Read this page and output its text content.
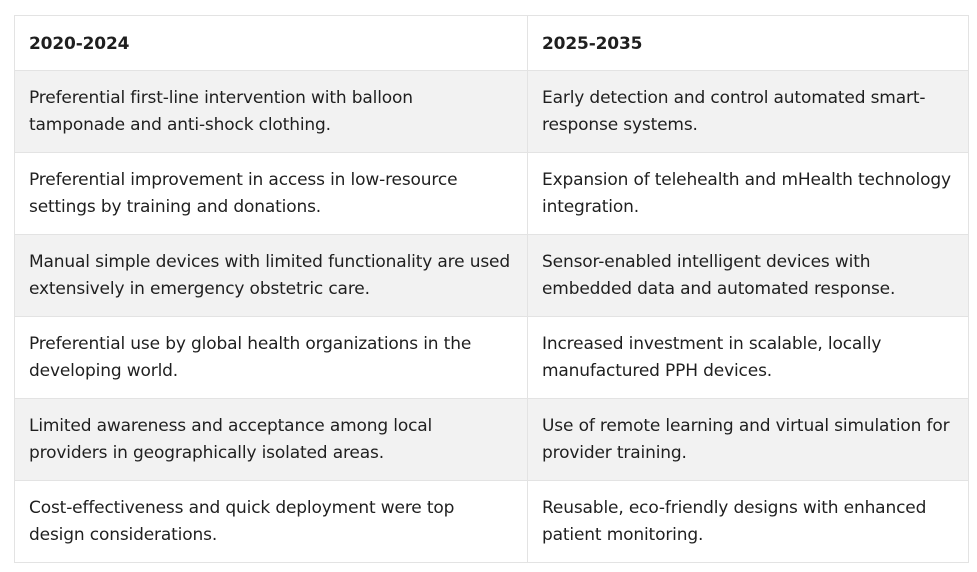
2020-2024	2025-2035
Preferential first-line intervention with balloon tamponade and anti-shock clothing.	Early detection and control automated smart-response systems.
Preferential improvement in access in low-resource settings by training and donations.	Expansion of telehealth and mHealth technology integration.
Manual simple devices with limited functionality are used extensively in emergency obstetric care.	Sensor-enabled intelligent devices with embedded data and automated response.
Preferential use by global health organizations in the developing world.	Increased investment in scalable, locally manufactured PPH devices.
Limited awareness and acceptance among local providers in geographically isolated areas.	Use of remote learning and virtual simulation for provider training.
Cost-effectiveness and quick deployment were top design considerations.	Reusable, eco-friendly designs with enhanced patient monitoring.
